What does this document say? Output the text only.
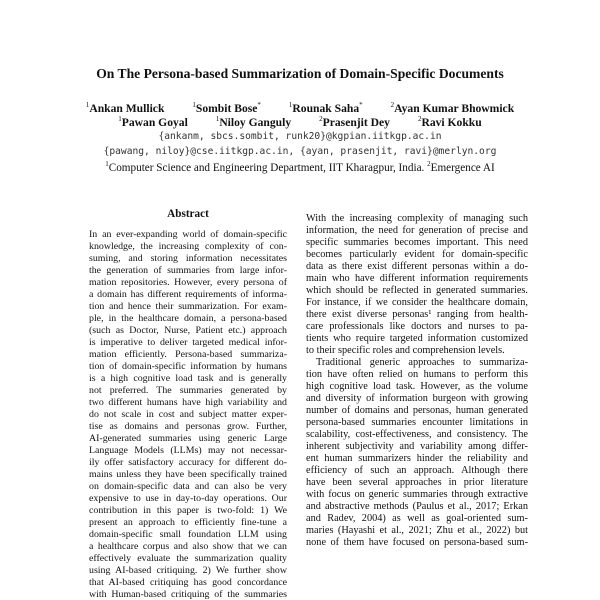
On The Persona-based Summarization of Domain-Specific Documents
$^1$Ankan Mullick	$^1$Sombit Bose*	$^1$Rounak Saha*	$^2$Ayan Kumar Bhowmick
$^1$Pawan Goyal	$^1$Niloy Ganguly	$^2$Prasenjit Dey	$^2$Ravi Kokku
{ankanm, sbcs.sombit, runk20}@kgpian.iitkgp.ac.in
{pawang, niloy}@cse.iitkgp.ac.in, {ayan, prasenjit, ravi}@merlyn.org
$^1$Computer Science and Engineering Department, IIT Kharagpur, India. $^2$Emergence AI
Abstract
In an ever-expanding world of domain-specific
knowledge, the increasing complexity of con-
suming, and storing information necessitates
the generation of summaries from large infor-
mation repositories. However, every persona of
a domain has different requirements of informa-
tion and hence their summarization. For exam-
ple, in the healthcare domain, a persona-based
(such as Doctor, Nurse, Patient etc.) approach
is imperative to deliver targeted medical infor-
mation efficiently. Persona-based summariza-
tion of domain-specific information by humans
is a high cognitive load task and is generally
not preferred. The summaries generated by
two different humans have high variability and
do not scale in cost and subject matter exper-
tise as domains and personas grow. Further,
AI-generated summaries using generic Large
Language Models (LLMs) may not necessar-
ily offer satisfactory accuracy for different do-
mains unless they have been specifically trained
on domain-specific data and can also be very
expensive to use in day-to-day operations. Our
contribution in this paper is two-fold: 1) We
present an approach to efficiently fine-tune a
domain-specific small foundation LLM using
a healthcare corpus and also show that we can
effectively evaluate the summarization quality
using AI-based critiquing. 2) We further show
that AI-based critiquing has good concordance
with Human-based critiquing of the summaries
With the increasing complexity of managing such
information, the need for generation of precise and
specific summaries becomes important. This need
becomes particularly evident for domain-specific
data as there exist different personas within a do-
main who have different information requirements
which should be reflected in generated summaries.
For instance, if we consider the healthcare domain,
there exist diverse personas¹ ranging from health-
care professionals like doctors and nurses to pa-
tients who require targeted information customized
to their specific roles and comprehension levels.
Traditional generic approaches to summariza-
tion have often relied on humans to perform this
high cognitive load task. However, as the volume
and diversity of information burgeon with growing
number of domains and personas, human generated
persona-based summaries encounter limitations in
scalability, cost-effectiveness, and consistency. The
inherent subjectivity and variability among differ-
ent human summarizers hinder the reliability and
efficiency of such an approach. Although there
have been several approaches in prior literature
with focus on generic summaries through extractive
and abstractive methods (Paulus et al., 2017; Erkan
and Radev, 2004) as well as goal-oriented sum-
maries (Hayashi et al., 2021; Zhu et al., 2022) but
none of them have focused on persona-based sum-
